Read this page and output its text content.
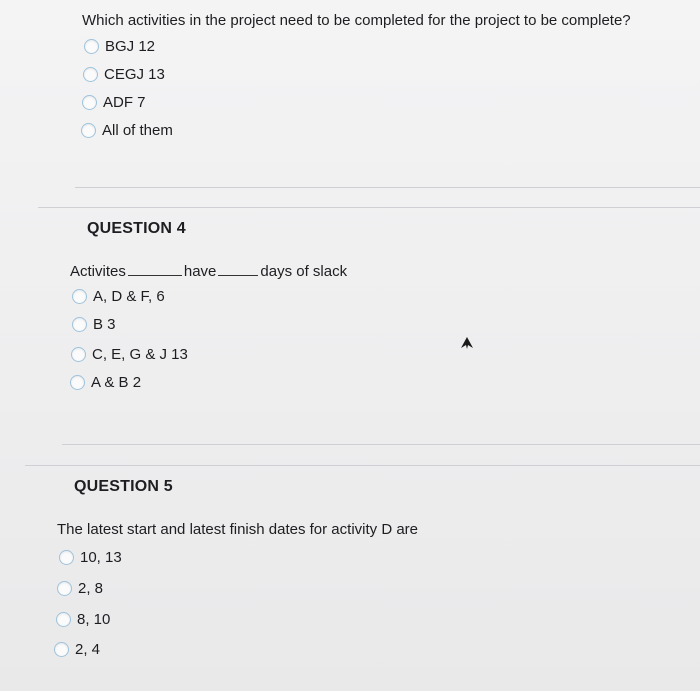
Which activities in the project need to be completed for the project to be complete?
BGJ 12
CEGJ 13
ADF 7
All of them
QUESTION 4
Activites	have	days of slack
A, D & F, 6
B 3
C, E, G & J 13
A & B 2
QUESTION 5
The latest start and latest finish dates for activity D are
10, 13
2, 8
8, 10
2, 4
